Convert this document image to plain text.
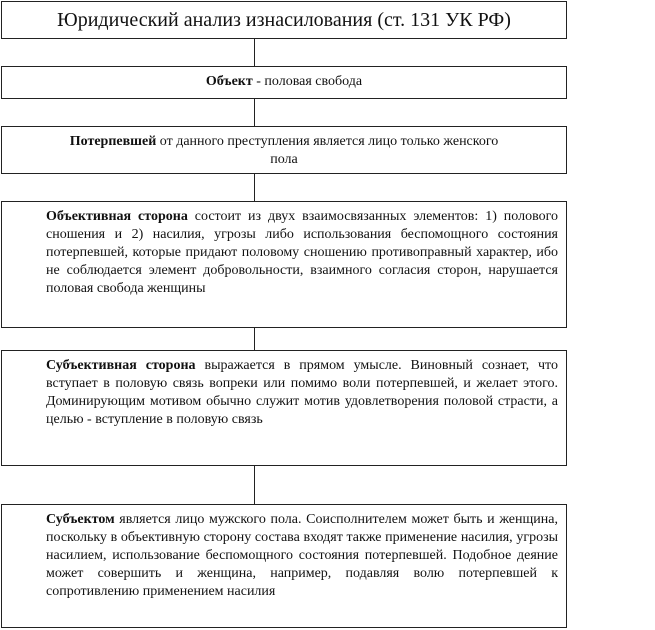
Юридический анализ изнасилования (ст. 131 УК РФ)
Объект - половая свобода
Потерпевшей от данного преступления является лицо только женского пола
Объективная сторона состоит из двух взаимосвязанных элементов: 1) полового сношения и 2) насилия, угрозы либо использования беспомощного состояния потерпевшей, которые придают половому сношению противоправный характер, ибо не соблюдается элемент добровольности, взаимного согласия сторон, нарушается половая свобода женщины
Субъективная сторона выражается в прямом умысле. Виновный сознает, что вступает в половую связь вопреки или помимо воли потерпевшей, и желает этого. Доминирующим мотивом обычно служит мотив удовлетворения половой страсти, а целью - вступление в половую связь
Субъектом является лицо мужского пола. Соисполнителем может быть и женщина, поскольку в объективную сторону состава входят также применение насилия, угрозы насилием, использование беспомощного состояния потерпевшей. Подобное деяние может совершить и женщина, например, подавляя волю потерпевшей к сопротивлению применением насилия
